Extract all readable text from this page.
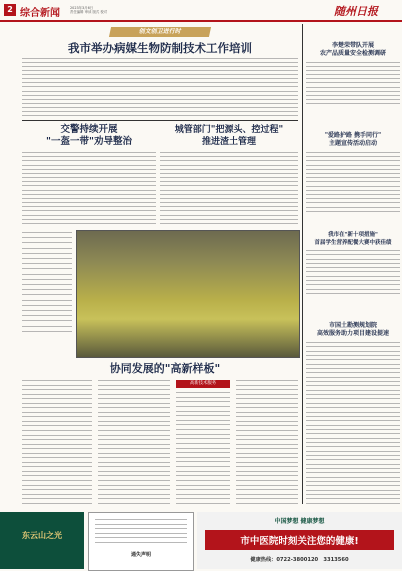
2 综合新闻	2023年3月6日
责任编辑 审读 版式 校对	随州日报
创文创卫进行时
我市举办病媒生物防制技术工作培训
交警持续开展
"一盔一带"劝导整治
城管部门"把源头、控过程"
推进渣土管理
李楚荣带队开展
农产品质量安全检测调研
"爱路护路 携手同行"
主题宣传活动启动
我市在"新十项措施"
首届学生营养配餐大赛中获佳绩
市国土勘测规划院
高效服务助力项目建设提速
协同发展的"高新样板"
高新技术服务
东云山之光
通失声明
中国梦想 健康梦想
市中医院时刻关注您的健康!
健康热线：0722-3800120　3313560
